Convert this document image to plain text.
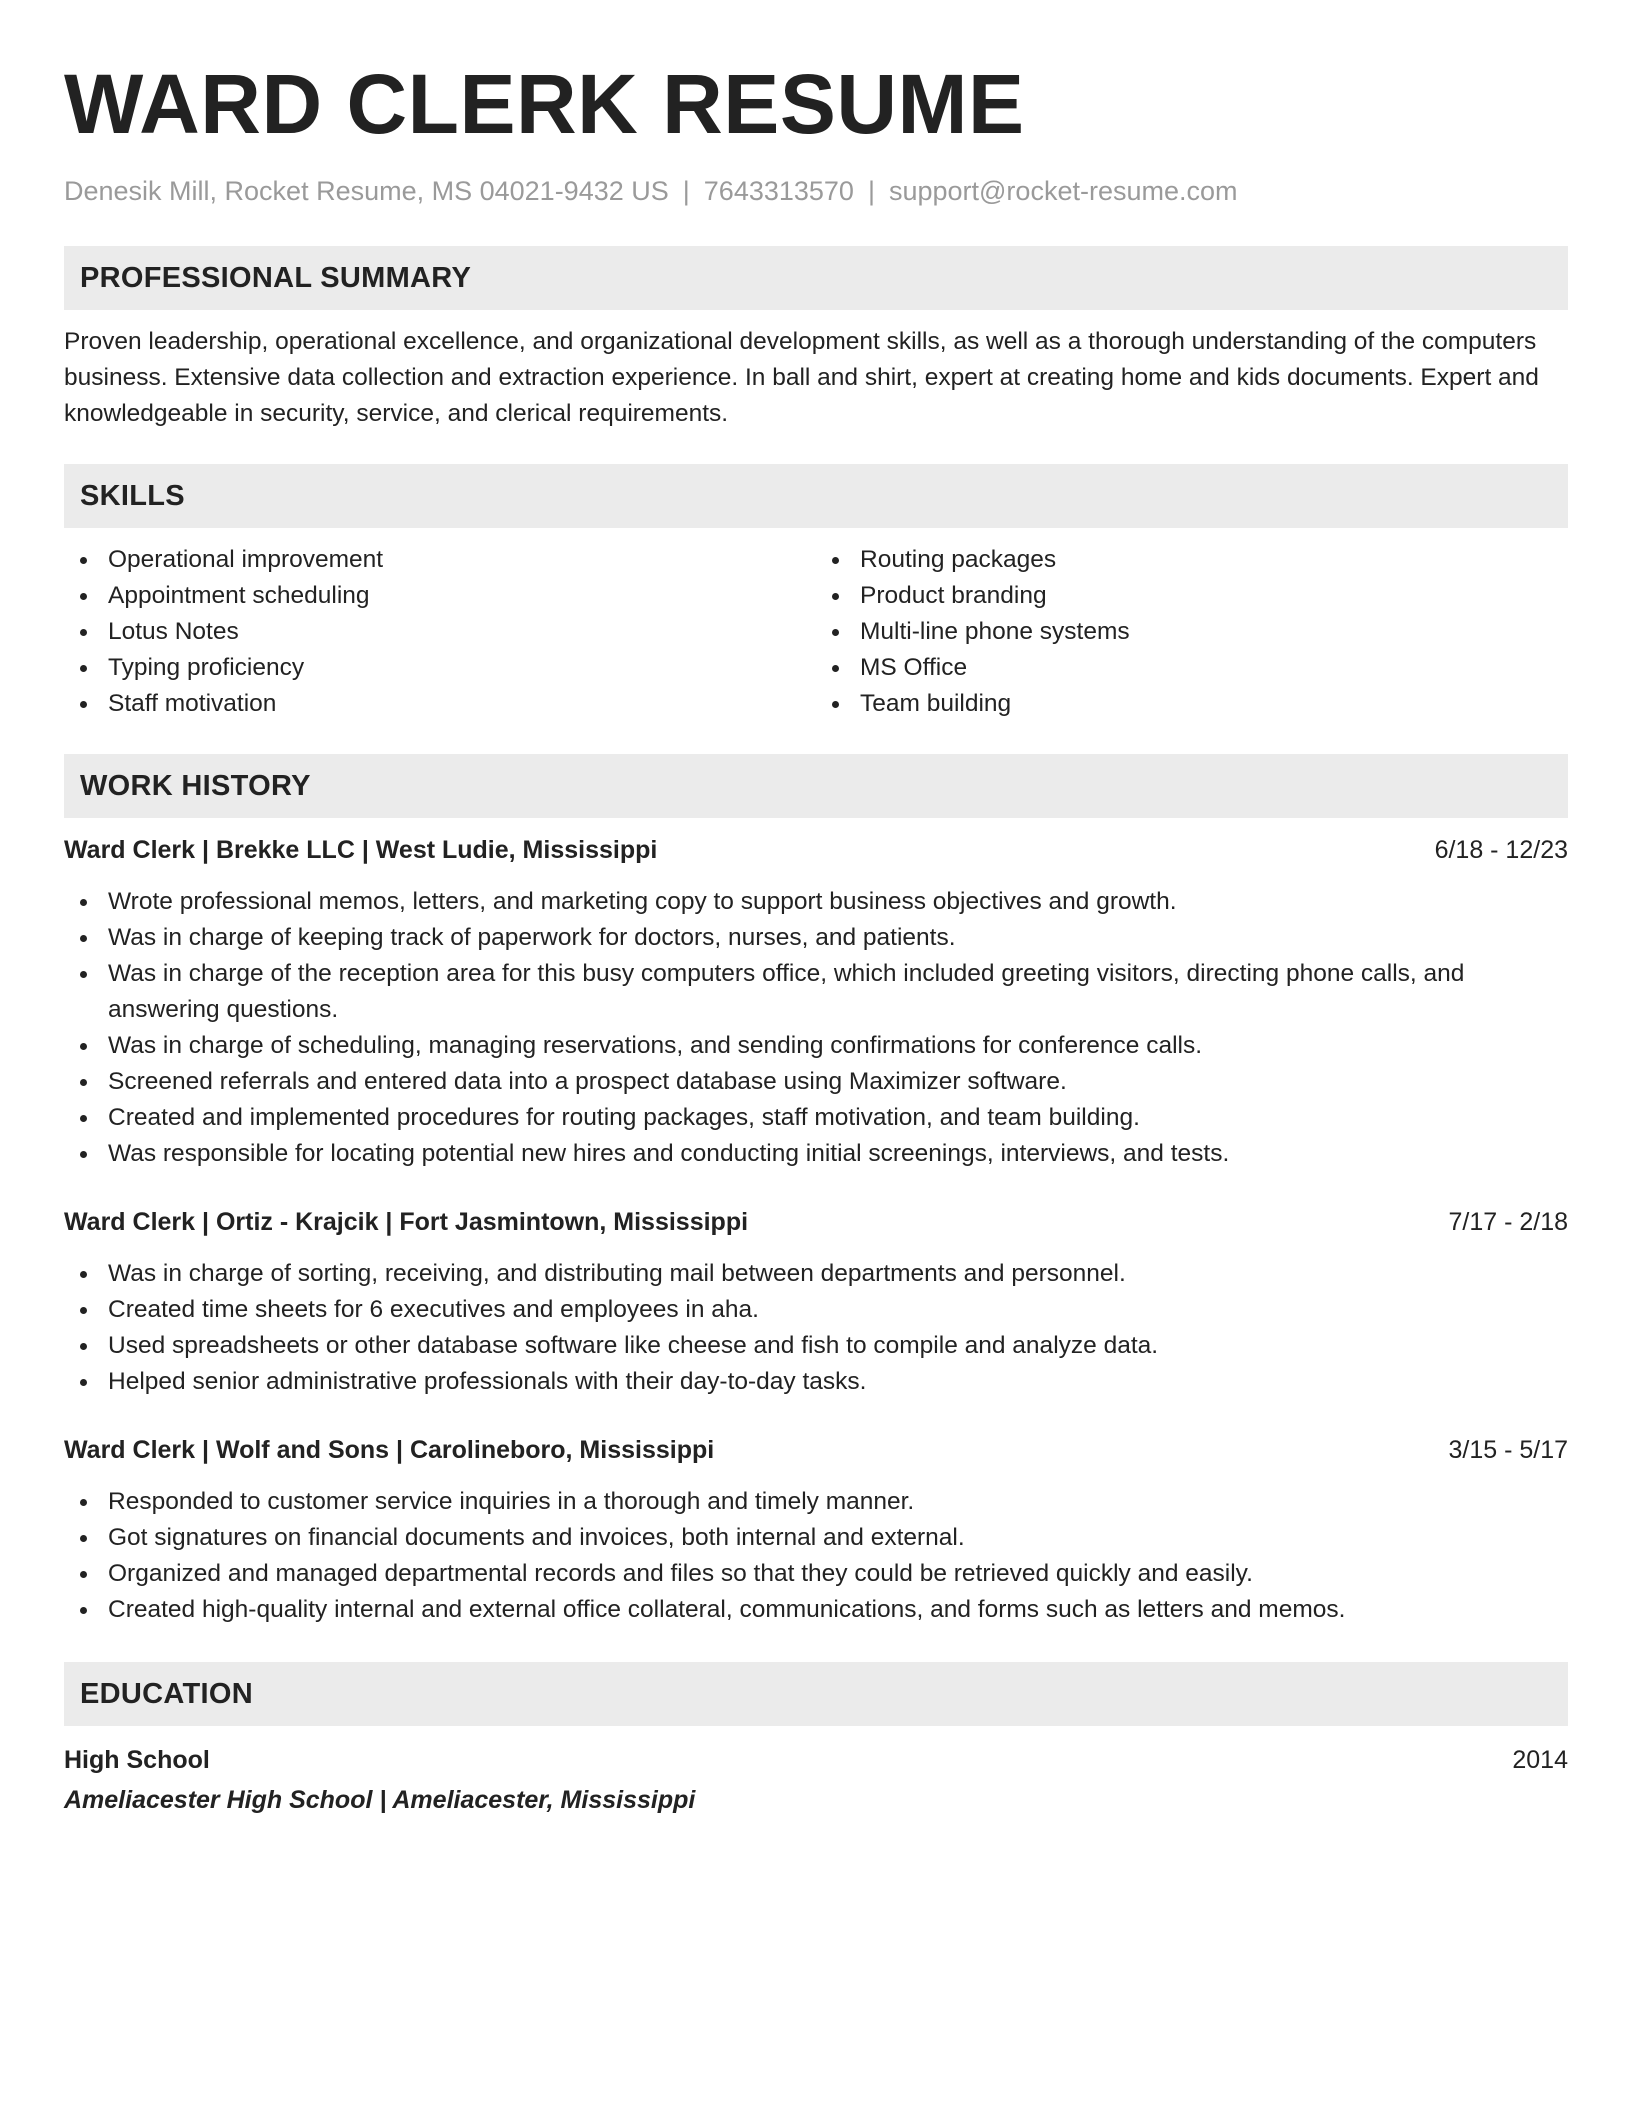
WARD CLERK RESUME
Denesik Mill, Rocket Resume, MS 04021-9432 US | 7643313570 | support@rocket-resume.com
PROFESSIONAL SUMMARY
Proven leadership, operational excellence, and organizational development skills, as well as a thorough understanding of the computers business. Extensive data collection and extraction experience. In ball and shirt, expert at creating home and kids documents. Expert and knowledgeable in security, service, and clerical requirements.
SKILLS
Operational improvement
Appointment scheduling
Lotus Notes
Typing proficiency
Staff motivation
Routing packages
Product branding
Multi-line phone systems
MS Office
Team building
WORK HISTORY
Ward Clerk | Brekke LLC | West Ludie, Mississippi	6/18 - 12/23
Wrote professional memos, letters, and marketing copy to support business objectives and growth.
Was in charge of keeping track of paperwork for doctors, nurses, and patients.
Was in charge of the reception area for this busy computers office, which included greeting visitors, directing phone calls, and answering questions.
Was in charge of scheduling, managing reservations, and sending confirmations for conference calls.
Screened referrals and entered data into a prospect database using Maximizer software.
Created and implemented procedures for routing packages, staff motivation, and team building.
Was responsible for locating potential new hires and conducting initial screenings, interviews, and tests.
Ward Clerk | Ortiz - Krajcik | Fort Jasmintown, Mississippi	7/17 - 2/18
Was in charge of sorting, receiving, and distributing mail between departments and personnel.
Created time sheets for 6 executives and employees in aha.
Used spreadsheets or other database software like cheese and fish to compile and analyze data.
Helped senior administrative professionals with their day-to-day tasks.
Ward Clerk | Wolf and Sons | Carolineboro, Mississippi	3/15 - 5/17
Responded to customer service inquiries in a thorough and timely manner.
Got signatures on financial documents and invoices, both internal and external.
Organized and managed departmental records and files so that they could be retrieved quickly and easily.
Created high-quality internal and external office collateral, communications, and forms such as letters and memos.
EDUCATION
High School	2014
Ameliacester High School | Ameliacester, Mississippi
